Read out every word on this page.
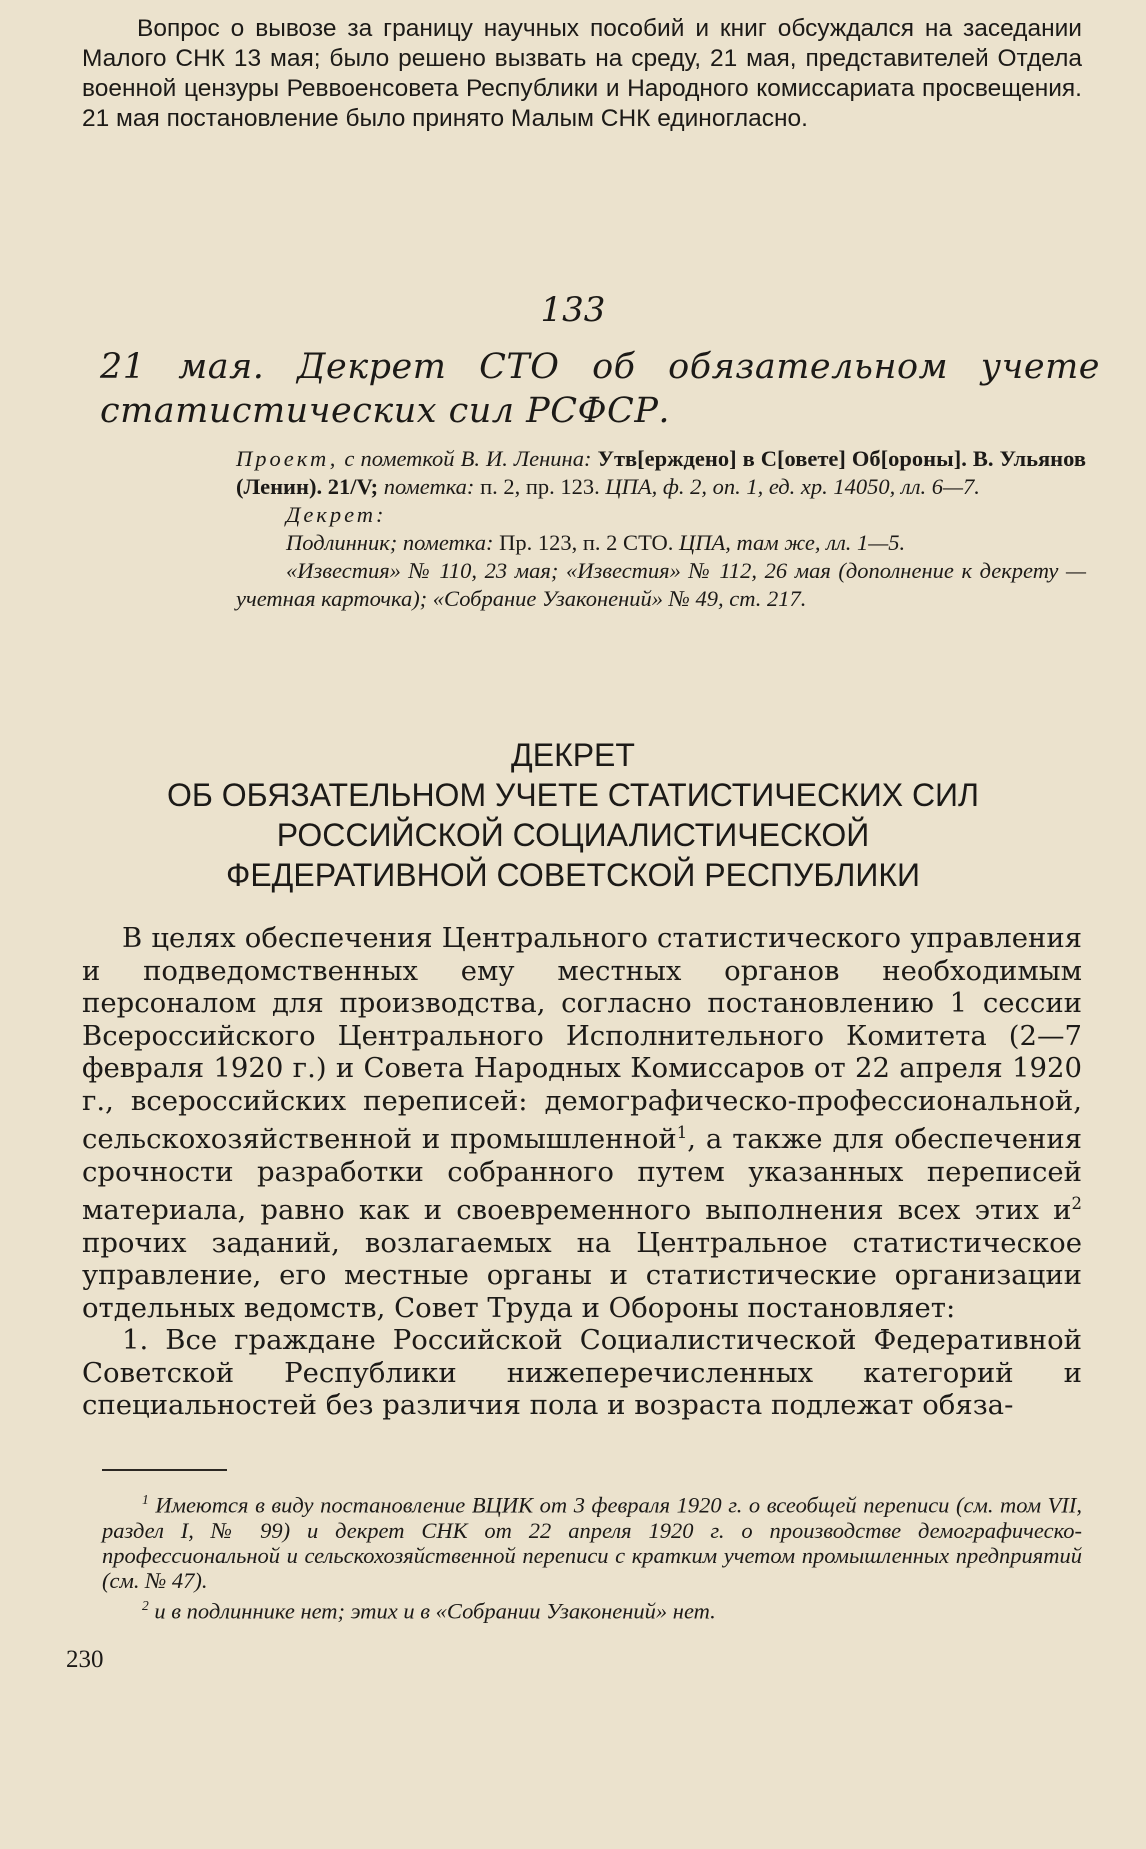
Вопрос о вывозе за границу научных пособий и книг обсуждался на заседании Малого СНК 13 мая; было решено вызвать на среду, 21 мая, представителей Отдела военной цензуры Реввоенсовета Республики и Народного комиссариата просвещения. 21 мая постановление было принято Малым СНК единогласно.

133
21 мая. Декрет СТО об обязательном учете статистических сил РСФСР.

Проект, с пометкой В. И. Ленина: Утв[ерждено] в С[овете] Об[ороны]. В. Ульянов (Ленин). 21/V; пометка: п. 2, пр. 123. ЦПА, ф. 2, оп. 1, ед. хр. 14050, лл. 6—7.

Декрет:

Подлинник; пометка: Пр. 123, п. 2 СТО. ЦПА, там же, лл. 1—5.

«Известия» № 110, 23 мая; «Известия» № 112, 26 мая (дополнение к декрету — учетная карточка); «Собрание Узаконений» № 49, ст. 217.

ДЕКРЕТ
ОБ ОБЯЗАТЕЛЬНОМ УЧЕТЕ СТАТИСТИЧЕСКИХ СИЛ
РОССИЙСКОЙ СОЦИАЛИСТИЧЕСКОЙ
ФЕДЕРАТИВНОЙ СОВЕТСКОЙ РЕСПУБЛИКИ

В целях обеспечения Центрального статистического управления и подведомственных ему местных органов необходимым персоналом для производства, согласно постановлению 1 сессии Всероссийского Центрального Исполнительного Комитета (2—7 февраля 1920 г.) и Совета Народных Комиссаров от 22 апреля 1920 г., всероссийских переписей: демографическо-профессиональной, сельскохозяйственной и промышленной$^1$, а также для обеспечения срочности разработки собранного путем указанных переписей материала, равно как и своевременного выполнения всех этих $и^2$ прочих заданий, возлагаемых на Центральное статистическое управление, его местные органы и статистические организации отдельных ведомств, Совет Труда и Обороны постановляет:

1. Все граждане Российской Социалистической Федеративной Советской Республики нижеперечисленных категорий и специальностей без различия пола и возраста подлежат обяза-

$^1$ Имеются в виду постановление ВЦИК от 3 февраля 1920 г. о всеобщей переписи (см. том VII, раздел I, № 99) и декрет СНК от 22 апреля 1920 г. о производстве демографическо-профессиональной и сельскохозяйственной переписи с кратким учетом промышленных предприятий (см. № 47).

$^2$ и в подлиннике нет; этих и в «Собрании Узаконений» нет.

230
